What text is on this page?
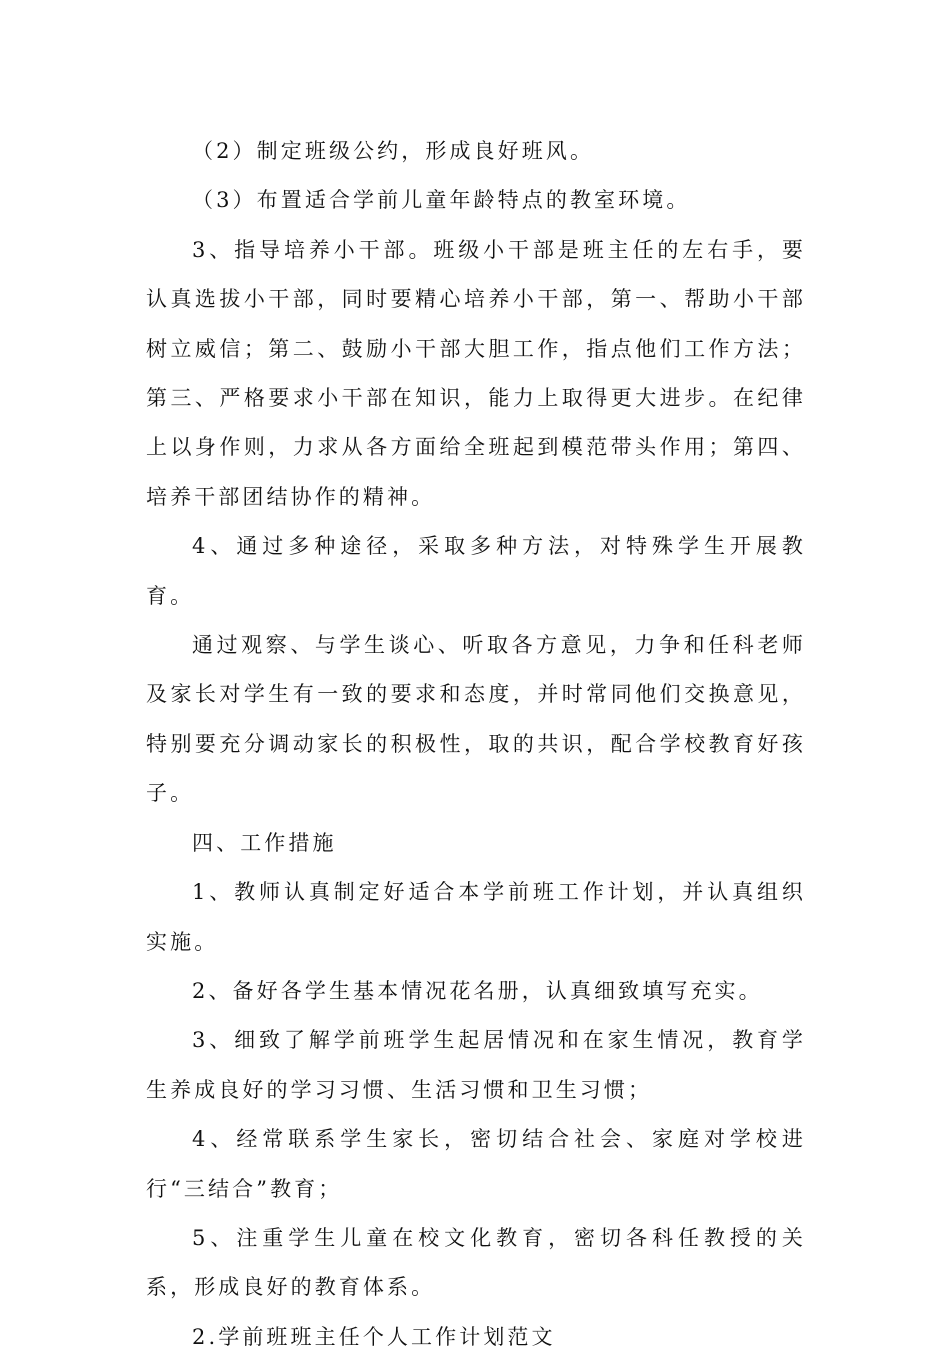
（2）制定班级公约，形成良好班风。

（3）布置适合学前儿童年龄特点的教室环境。

3、指导培养小干部。班级小干部是班主任的左右手，要认真选拔小干部，同时要精心培养小干部，第一、帮助小干部树立威信；第二、鼓励小干部大胆工作，指点他们工作方法；第三、严格要求小干部在知识，能力上取得更大进步。在纪律上以身作则，力求从各方面给全班起到模范带头作用；第四、培养干部团结协作的精神。

4、通过多种途径，采取多种方法，对特殊学生开展教育。

通过观察、与学生谈心、听取各方意见，力争和任科老师及家长对学生有一致的要求和态度，并时常同他们交换意见，特别要充分调动家长的积极性，取的共识，配合学校教育好孩子。

四、工作措施

1、教师认真制定好适合本学前班工作计划，并认真组织实施。

2、备好各学生基本情况花名册，认真细致填写充实。

3、细致了解学前班学生起居情况和在家生情况，教育学生养成良好的学习习惯、生活习惯和卫生习惯；

4、经常联系学生家长，密切结合社会、家庭对学校进行“三结合”教育；

5、注重学生儿童在校文化教育，密切各科任教授的关系，形成良好的教育体系。

2.学前班班主任个人工作计划范文
